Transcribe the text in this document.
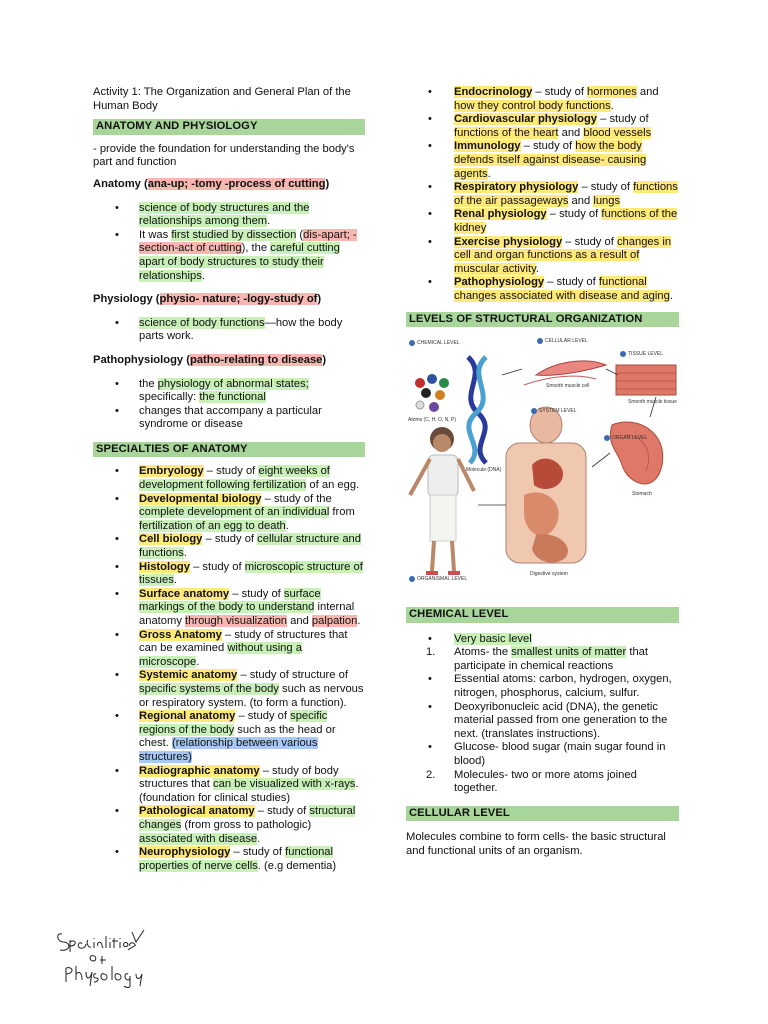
Activity 1: The Organization and General Plan of the Human Body
ANATOMY AND PHYSIOLOGY
- provide the foundation for understanding the body's part and function
Anatomy (ana-up; -tomy -process of cutting)
• science of body structures and the relationships among them.
• It was first studied by dissection (dis-apart; -section-act of cutting), the careful cutting apart of body structures to study their relationships.
Physiology (physio- nature; -logy-study of)
• science of body functions—how the body parts work.
Pathophysiology (patho-relating to disease)
• the physiology of abnormal states; specifically: the functional
• changes that accompany a particular syndrome or disease
SPECIALTIES OF ANATOMY
• Embryology – study of eight weeks of development following fertilization of an egg.
• Developmental biology – study of the complete development of an individual from fertilization of an egg to death.
• Cell biology – study of cellular structure and functions.
• Histology – study of microscopic structure of tissues.
• Surface anatomy – study of surface markings of the body to understand internal anatomy through visualization and palpation.
• Gross Anatomy – study of structures that can be examined without using a microscope.
• Systemic anatomy – study of structure of specific systems of the body such as nervous or respiratory system. (to form a function).
• Regional anatomy – study of specific regions of the body such as the head or chest. (relationship between various structures)
• Radiographic anatomy – study of body structures that can be visualized with x-rays. (foundation for clinical studies)
• Pathological anatomy – study of structural changes (from gross to pathologic) associated with disease.
• Neurophysiology – study of functional properties of nerve cells. (e.g dementia)
• Endocrinology – study of hormones and how they control body functions.
• Cardiovascular physiology – study of functions of the heart and blood vessels
• Immunology – study of how the body defends itself against disease- causing agents.
• Respiratory physiology – study of functions of the air passageways and lungs
• Renal physiology – study of functions of the kidney
• Exercise physiology – study of changes in cell and organ functions as a result of muscular activity.
• Pathophysiology – study of functional changes associated with disease and aging.
LEVELS OF STRUCTURAL ORGANIZATION
CHEMICAL LEVEL	CELLULAR LEVEL
TISSUE LEVEL
SYSTEM LEVEL
ORGAN LEVEL
ORGANISMAL LEVEL
Atoms (C, H, O, N, P)
Molecule (DNA)
Smooth muscle cell
Smooth muscle tissue
Stomach
Digestive system
CHEMICAL LEVEL
• Very basic level
1. Atoms- the smallest units of matter that participate in chemical reactions
• Essential atoms: carbon, hydrogen, oxygen, nitrogen, phosphorus, calcium, sulfur.
• Deoxyribonucleic acid (DNA), the genetic material passed from one generation to the next. (translates instructions).
• Glucose- blood sugar (main sugar found in blood)
2. Molecules- two or more atoms joined together.
CELLULAR LEVEL
Molecules combine to form cells- the basic structural and functional units of an organism.
